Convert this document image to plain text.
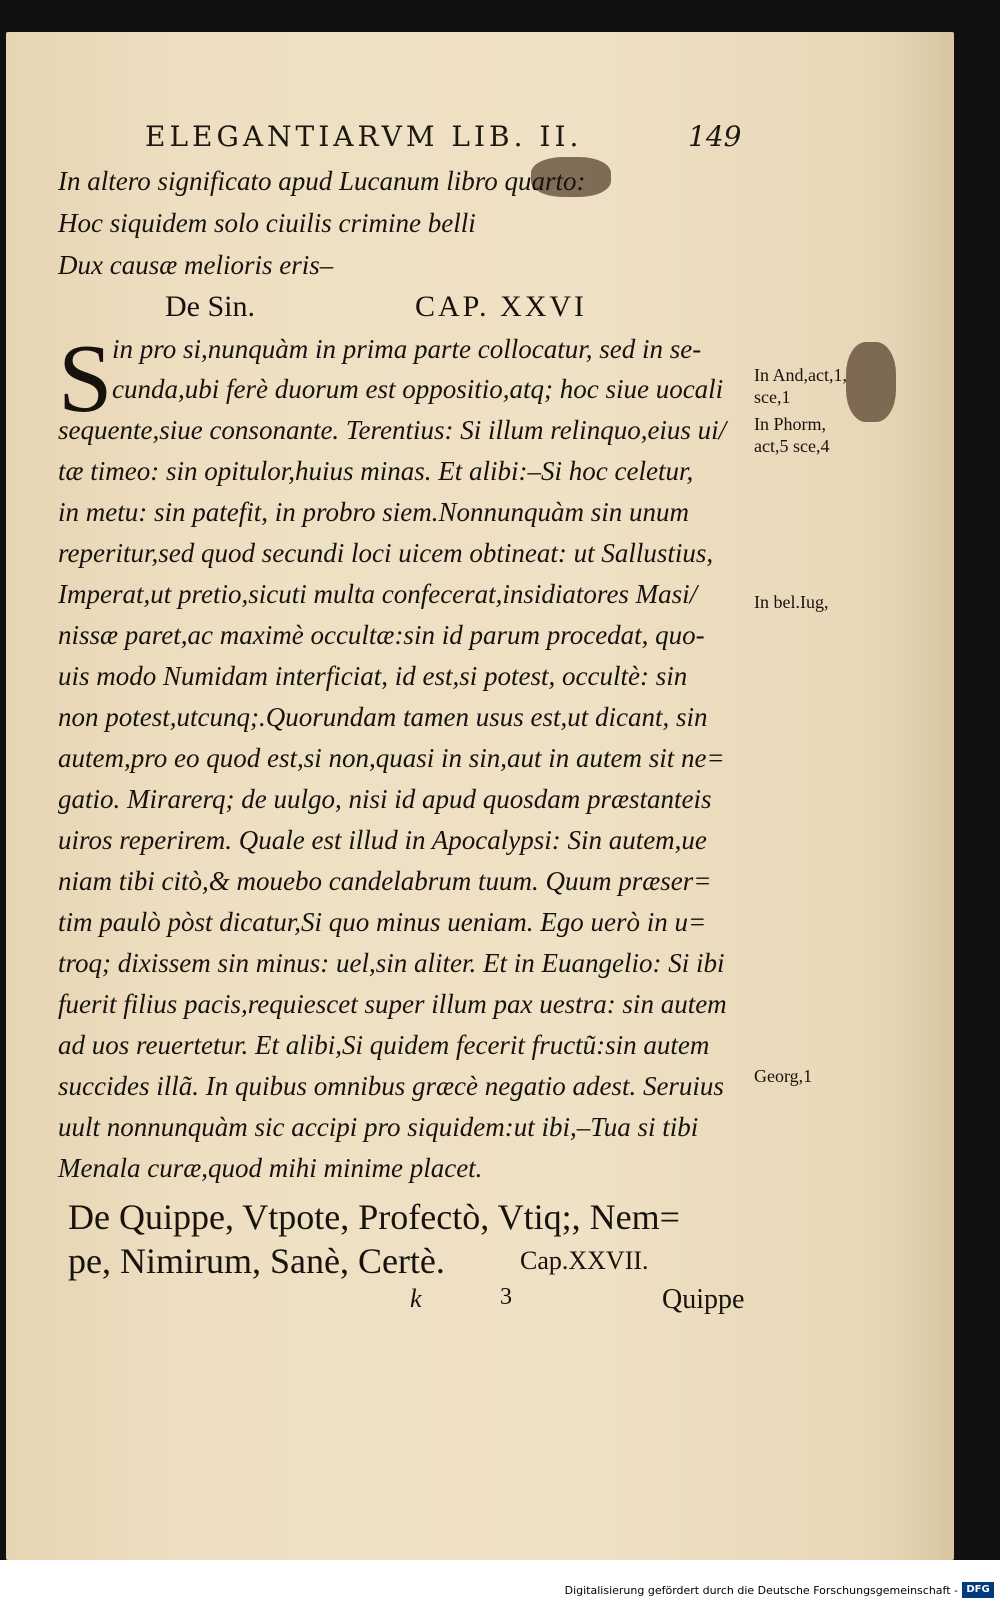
ELEGANTIARVM LIB. II.	149
In altero significato apud Lucanum libro quarto:
Hoc siquidem solo ciuilis crimine belli
Dux causæ melioris eris–
De Sin.	CAP. XXVI
S in pro si,nunquàm in prima parte collocatur, sed in se-
cunda,ubi ferè duorum est oppositio,atq; hoc siue uocali
sequente,siue consonante. Terentius: Si illum relinquo,eius ui/
tæ timeo: sin opitulor,huius minas. Et alibi:–Si hoc celetur,
in metu: sin patefit, in probro siem.Nonnunquàm sin unum
reperitur,sed quod secundi loci uicem obtineat: ut Sallustius,
Imperat,ut pretio,sicuti multa confecerat,insidiatores Masi/
nissæ paret,ac maximè occultæ:sin id parum procedat, quo-
uis modo Numidam interficiat, id est,si potest, occultè: sin
non potest,utcunq;.Quorundam tamen usus est,ut dicant, sin
autem,pro eo quod est,si non,quasi in sin,aut in autem sit ne=
gatio. Mirarerq; de uulgo, nisi id apud quosdam præstanteis
uiros reperirem. Quale est illud in Apocalypsi: Sin autem,ue
niam tibi citò,& mouebo candelabrum tuum. Quum præser=
tim paulò pòst dicatur,Si quo minus ueniam. Ego uerò in u=
troq; dixissem sin minus: uel,sin aliter. Et in Euangelio: Si ibi
fuerit filius pacis,requiescet super illum pax uestra: sin autem
ad uos reuertetur. Et alibi,Si quidem fecerit fructũ:sin autem
succides illã. In quibus omnibus græcè negatio adest. Seruius
uult nonnunquàm sic accipi pro siquidem:ut ibi,–Tua si tibi
Menala curæ,quod mihi minime placet.
In And,act,1,
sce,1
In Phorm,
act,5 sce,4
In bel.Iug,
Georg,1
De Quippe, Vtpote, Profectò, Vtiq;, Nem=
pe, Nimirum, Sanè, Certè.	Cap.XXVII.
k	3	Quippe
Digitalisierung gefördert durch die Deutsche Forschungsgemeinschaft - DFG
